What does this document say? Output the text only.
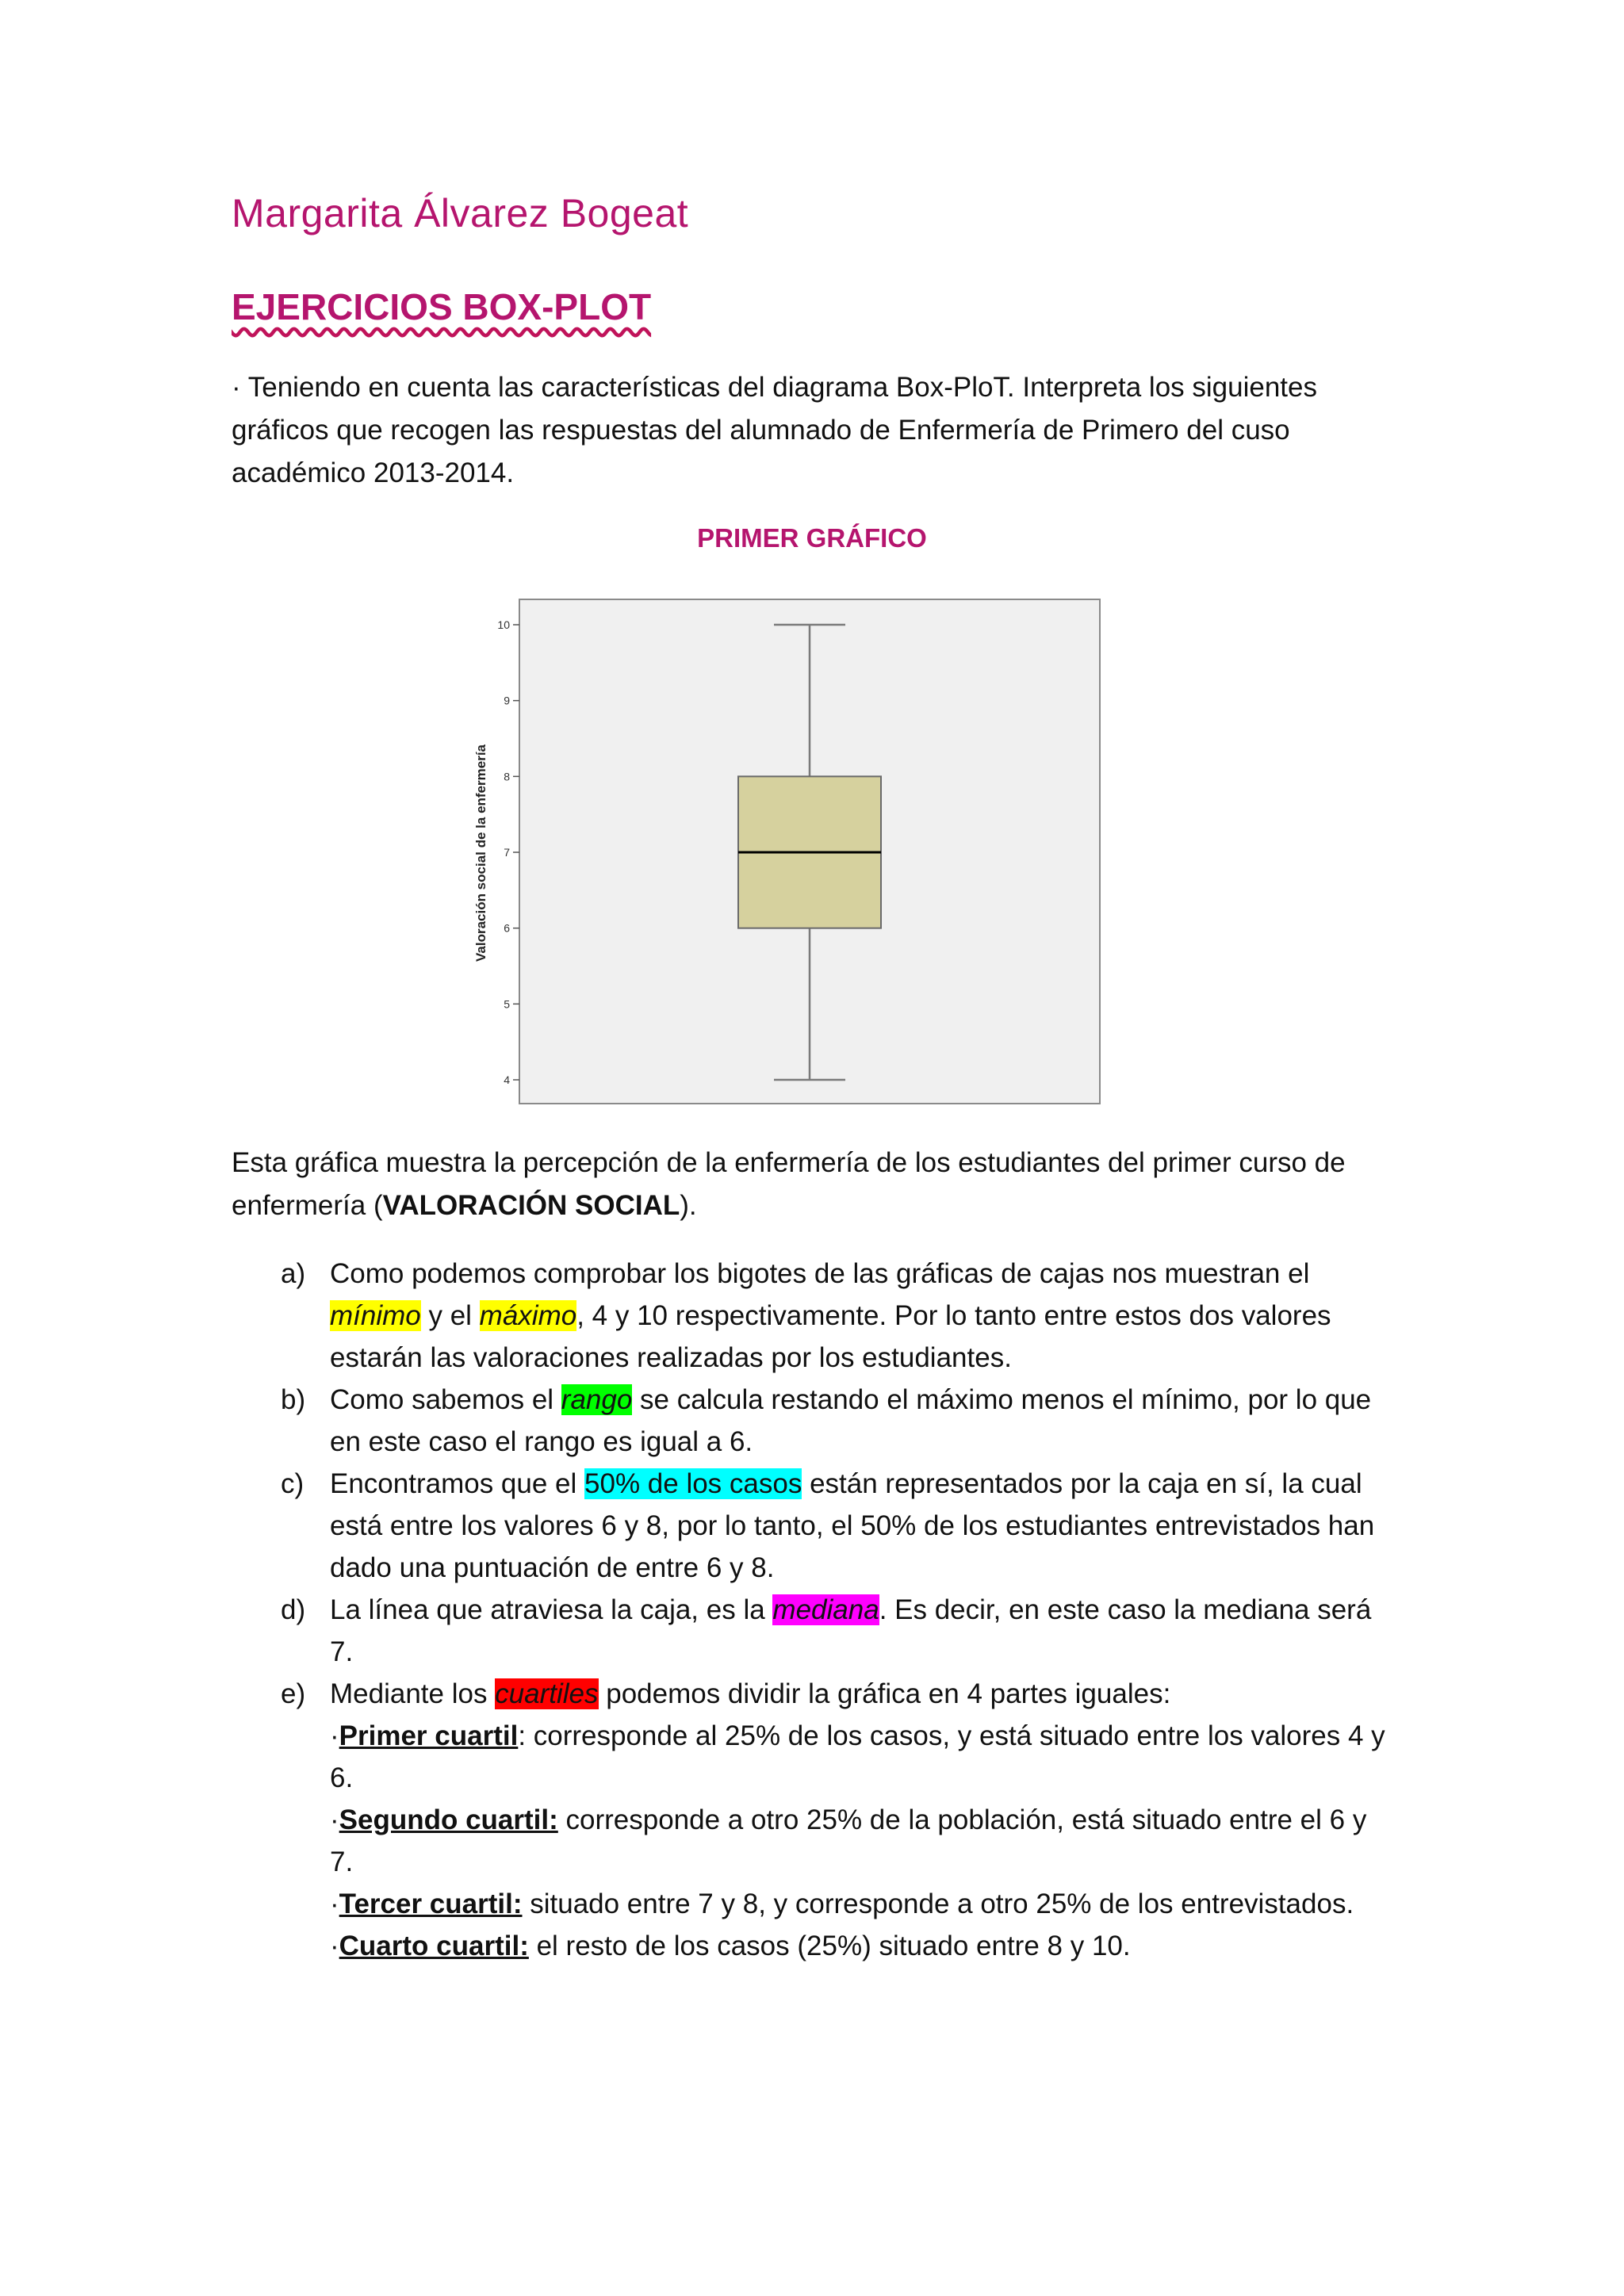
Margarita Álvarez Bogeat
EJERCICIOS BOX-PLOT

· Teniendo en cuenta las características del diagrama Box-PloT. Interpreta los siguientes gráficos que recogen las respuestas del alumnado de Enfermería de Primero del cuso académico 2013-2014.

PRIMER GRÁFICO
Valoración social de la enfermería
4
5
6
7
8
9
10

Esta gráfica muestra la percepción de la enfermería de los estudiantes del primer curso de enfermería (VALORACIÓN SOCIAL).

a) Como podemos comprobar los bigotes de las gráficas de cajas nos muestran el mínimo y el máximo, 4 y 10 respectivamente. Por lo tanto entre estos dos valores estarán las valoraciones realizadas por los estudiantes.
b) Como sabemos el rango se calcula restando el máximo menos el mínimo, por lo que en este caso el rango es igual a 6.
c) Encontramos que el 50% de los casos están representados por la caja en sí, la cual está entre los valores 6 y 8, por lo tanto, el 50% de los estudiantes entrevistados han dado una puntuación de entre 6 y 8.
d) La línea que atraviesa la caja, es la mediana. Es decir, en este caso la mediana será 7.
e) Mediante los cuartiles podemos dividir la gráfica en 4 partes iguales:
·Primer cuartil: corresponde al 25% de los casos, y está situado entre los valores 4 y 6.
·Segundo cuartil: corresponde a otro 25% de la población, está situado entre el 6 y 7.
·Tercer cuartil: situado entre 7 y 8, y corresponde a otro 25% de los entrevistados.
·Cuarto cuartil: el resto de los casos (25%) situado entre 8 y 10.
